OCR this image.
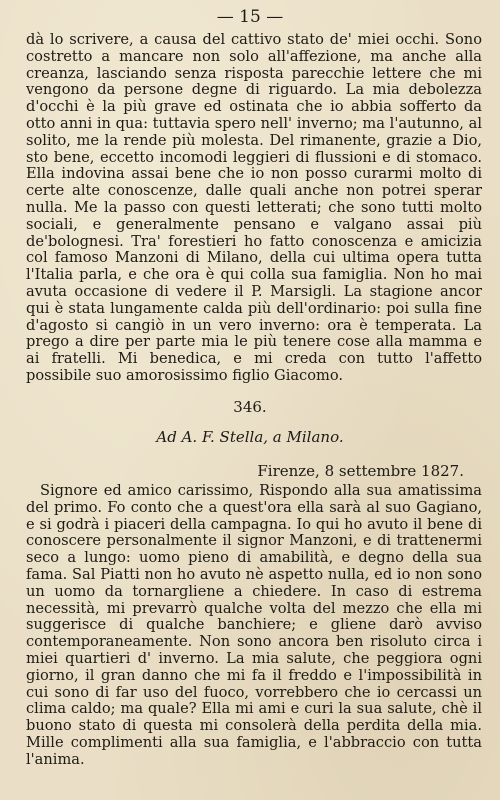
— 15 —

dà lo scrivere, a causa del cattivo stato de' miei occhi. Sono costretto a mancare non solo all'affezione, ma anche alla creanza, lasciando senza risposta parecchie lettere che mi vengono da persone degne di riguardo. La mia debolezza d'occhi è la più grave ed ostinata che io abbia sofferto da otto anni in qua: tuttavia spero nell' inverno; ma l'autunno, al solito, me la rende più molesta. Del rimanente, grazie a Dio, sto bene, eccetto incomodi leggieri di flussioni e di stomaco. Ella indovina assai bene che io non posso curarmi molto di certe alte conoscenze, dalle quali anche non potrei sperar nulla. Me la passo con questi letterati; che sono tutti molto sociali, e generalmente pensano e valgano assai più de'bolognesi. Tra' forestieri ho fatto conoscenza e amicizia col famoso Manzoni di Milano, della cui ultima opera tutta l'Italia parla, e che ora è qui colla sua famiglia. Non ho mai avuta occasione di vedere il P. Marsigli. La stagione ancor qui è stata lungamente calda più dell'ordinario: poi sulla fine d'agosto si cangiò in un vero inverno: ora è temperata. La prego a dire per parte mia le più tenere cose alla mamma e ai fratelli. Mi benedica, e mi creda con tutto l'affetto possibile suo amorosissimo figlio Giacomo.

346.
Ad A. F. Stella, a Milano.
Firenze, 8 settembre 1827.

Signore ed amico carissimo, Rispondo alla sua amatissima del primo. Fo conto che a quest'ora ella sarà al suo Gagiano, e si godrà i piaceri della campagna. Io qui ho avuto il bene di conoscere personalmente il signor Manzoni, e di trattenermi seco a lungo: uomo pieno di amabilità, e degno della sua fama. Sal Piatti non ho avuto nè aspetto nulla, ed io non sono un uomo da tornargliene a chiedere. In caso di estrema necessità, mi prevarrò qualche volta del mezzo che ella mi suggerisce di qualche banchiere; e gliene darò avviso contemporaneamente. Non sono ancora ben risoluto circa i miei quartieri d' inverno. La mia salute, che peggiora ogni giorno, il gran danno che mi fa il freddo e l'impossibilità in cui sono di far uso del fuoco, vorrebbero che io cercassi un clima caldo; ma quale? Ella mi ami e curi la sua salute, chè il buono stato di questa mi consolerà della perdita della mia. Mille complimenti alla sua famiglia, e l'abbraccio con tutta l'anima.
